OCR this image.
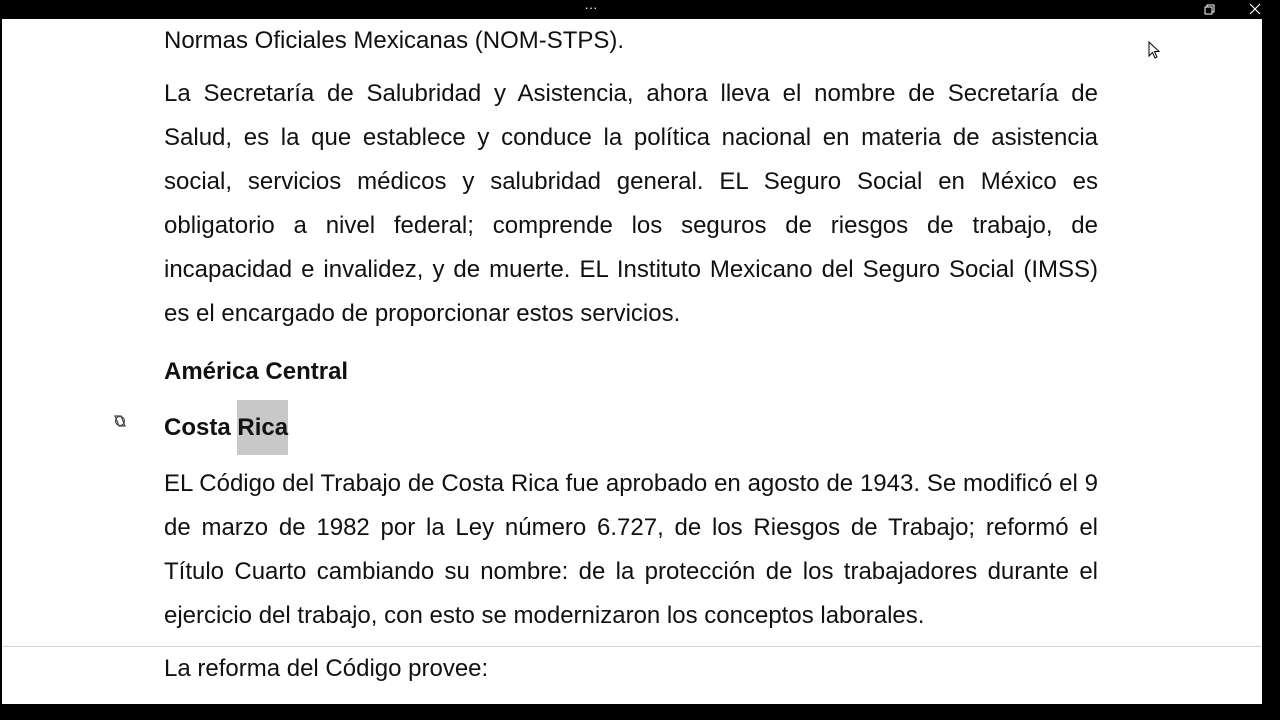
···

Normas Oficiales Mexicanas (NOM-STPS).

La Secretaría de Salubridad y Asistencia, ahora lleva el nombre de Secretaría de Salud, es la que establece y conduce la política nacional en materia de asistencia social, servicios médicos y salubridad general. EL Seguro Social en México es obligatorio a nivel federal; comprende los seguros de riesgos de trabajo, de incapacidad e invalidez, y de muerte. EL Instituto Mexicano del Seguro Social (IMSS) es el encargado de proporcionar estos servicios.

América Central

Costa Rica

EL Código del Trabajo de Costa Rica fue aprobado en agosto de 1943. Se modificó el 9 de marzo de 1982 por la Ley número 6.727, de los Riesgos de Trabajo; reformó el Título Cuarto cambiando su nombre: de la protección de los trabajadores durante el ejercicio del trabajo, con esto se modernizaron los conceptos laborales.

La reforma del Código provee:
